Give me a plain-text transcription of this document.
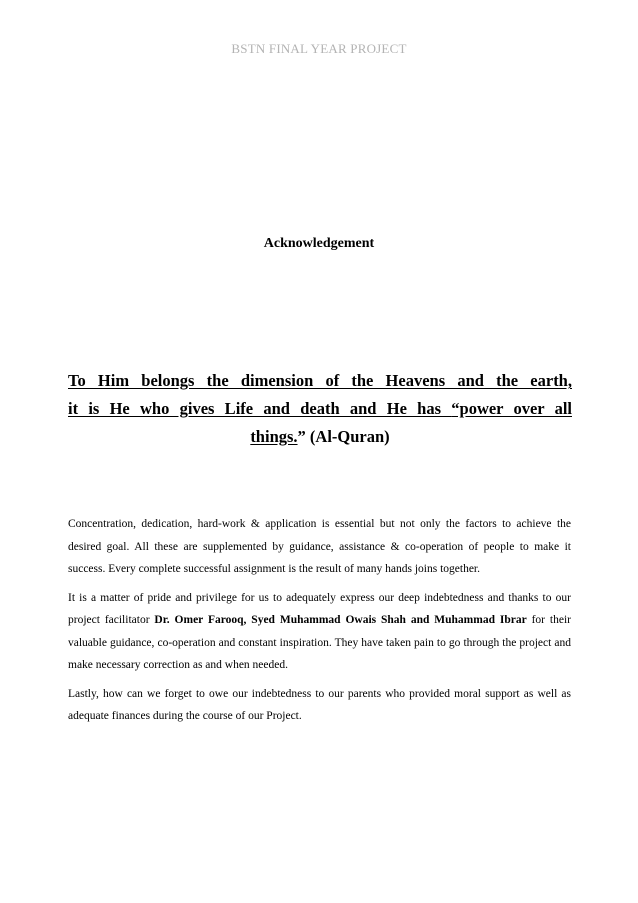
BSTN FINAL YEAR PROJECT
Acknowledgement
To Him belongs the dimension of the Heavens and the earth,
it is He who gives Life and death and He has “power over all
things.” (Al-Quran)

Concentration, dedication, hard-work & application is essential but not only the factors to achieve the desired goal. All these are supplemented by guidance, assistance & co-operation of people to make it success. Every complete successful assignment is the result of many hands joins together.

It is a matter of pride and privilege for us to adequately express our deep indebtedness and thanks to our project facilitator Dr. Omer Farooq, Syed Muhammad Owais Shah and Muhammad Ibrar for their valuable guidance, co-operation and constant inspiration. They have taken pain to go through the project and make necessary correction as and when needed.

Lastly, how can we forget to owe our indebtedness to our parents who provided moral support as well as adequate finances during the course of our Project.
